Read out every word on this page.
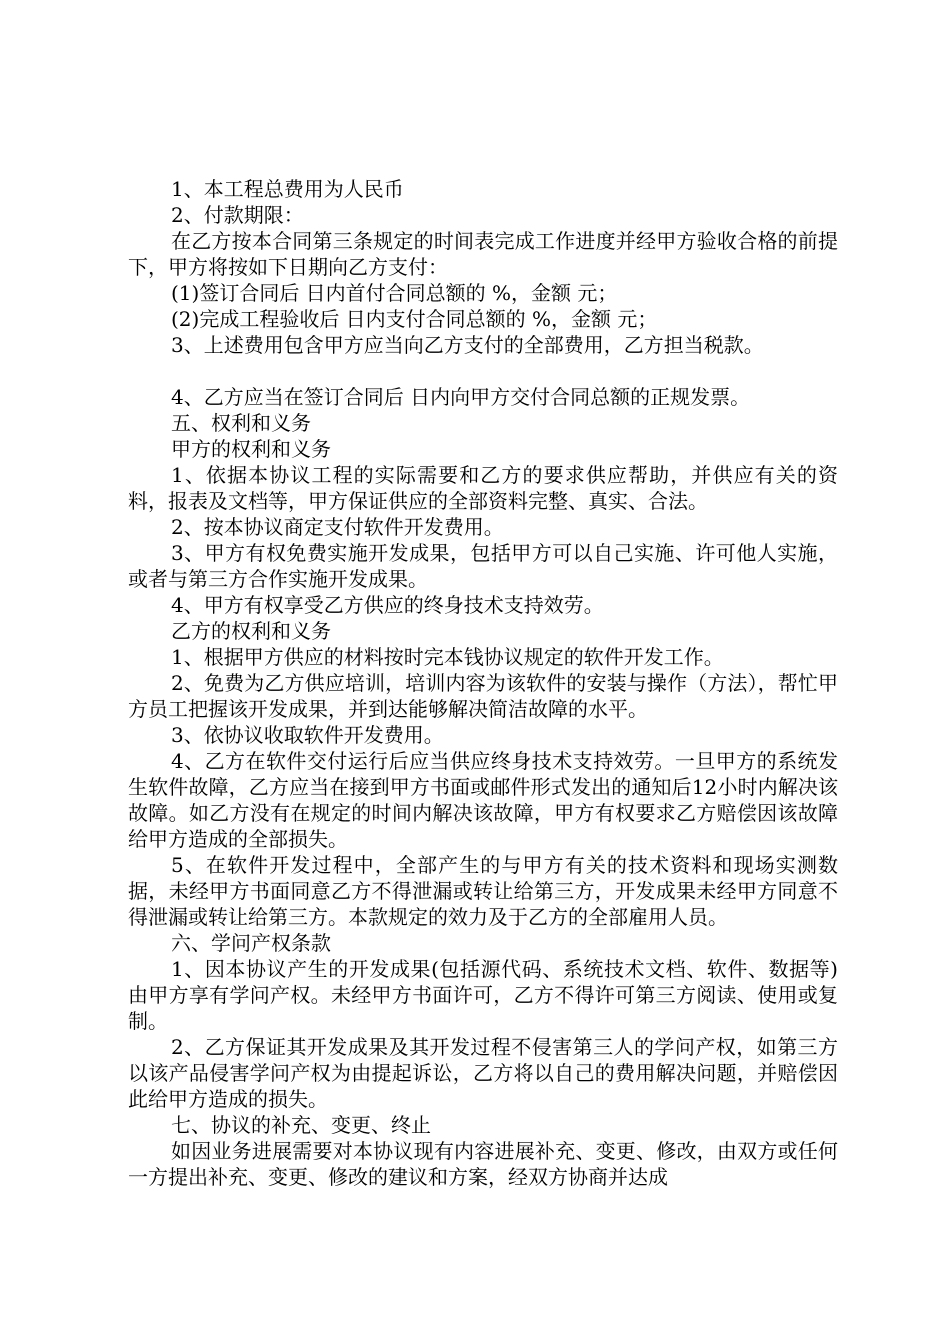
1、本工程总费用为人民币

2、付款期限：

在乙方按本合同第三条规定的时间表完成工作进度并经甲方验收合格的前提下，甲方将按如下日期向乙方支付：

(1)签订合同后 日内首付合同总额的 %，金额 元；

(2)完成工程验收后 日内支付合同总额的 %，金额 元；

3、上述费用包含甲方应当向乙方支付的全部费用，乙方担当税款。

4、乙方应当在签订合同后 日内向甲方交付合同总额的正规发票。

五、权利和义务

甲方的权利和义务

1、依据本协议工程的实际需要和乙方的要求供应帮助，并供应有关的资料，报表及文档等，甲方保证供应的全部资料完整、真实、合法。

2、按本协议商定支付软件开发费用。

3、甲方有权免费实施开发成果，包括甲方可以自己实施、许可他人实施，或者与第三方合作实施开发成果。

4、甲方有权享受乙方供应的终身技术支持效劳。

乙方的权利和义务

1、根据甲方供应的材料按时完本钱协议规定的软件开发工作。

2、免费为乙方供应培训，培训内容为该软件的安装与操作（方法），帮忙甲方员工把握该开发成果，并到达能够解决简洁故障的水平。

3、依协议收取软件开发费用。

4、乙方在软件交付运行后应当供应终身技术支持效劳。一旦甲方的系统发生软件故障，乙方应当在接到甲方书面或邮件形式发出的通知后12小时内解决该故障。如乙方没有在规定的时间内解决该故障，甲方有权要求乙方赔偿因该故障给甲方造成的全部损失。

5、在软件开发过程中，全部产生的与甲方有关的技术资料和现场实测数据，未经甲方书面同意乙方不得泄漏或转让给第三方，开发成果未经甲方同意不得泄漏或转让给第三方。本款规定的效力及于乙方的全部雇用人员。

六、学问产权条款

1、因本协议产生的开发成果(包括源代码、系统技术文档、软件、数据等)由甲方享有学问产权。未经甲方书面许可，乙方不得许可第三方阅读、使用或复制。

2、乙方保证其开发成果及其开发过程不侵害第三人的学问产权，如第三方以该产品侵害学问产权为由提起诉讼，乙方将以自己的费用解决问题，并赔偿因此给甲方造成的损失。

七、协议的补充、变更、终止

如因业务进展需要对本协议现有内容进展补充、变更、修改，由双方或任何一方提出补充、变更、修改的建议和方案，经双方协商并达成
